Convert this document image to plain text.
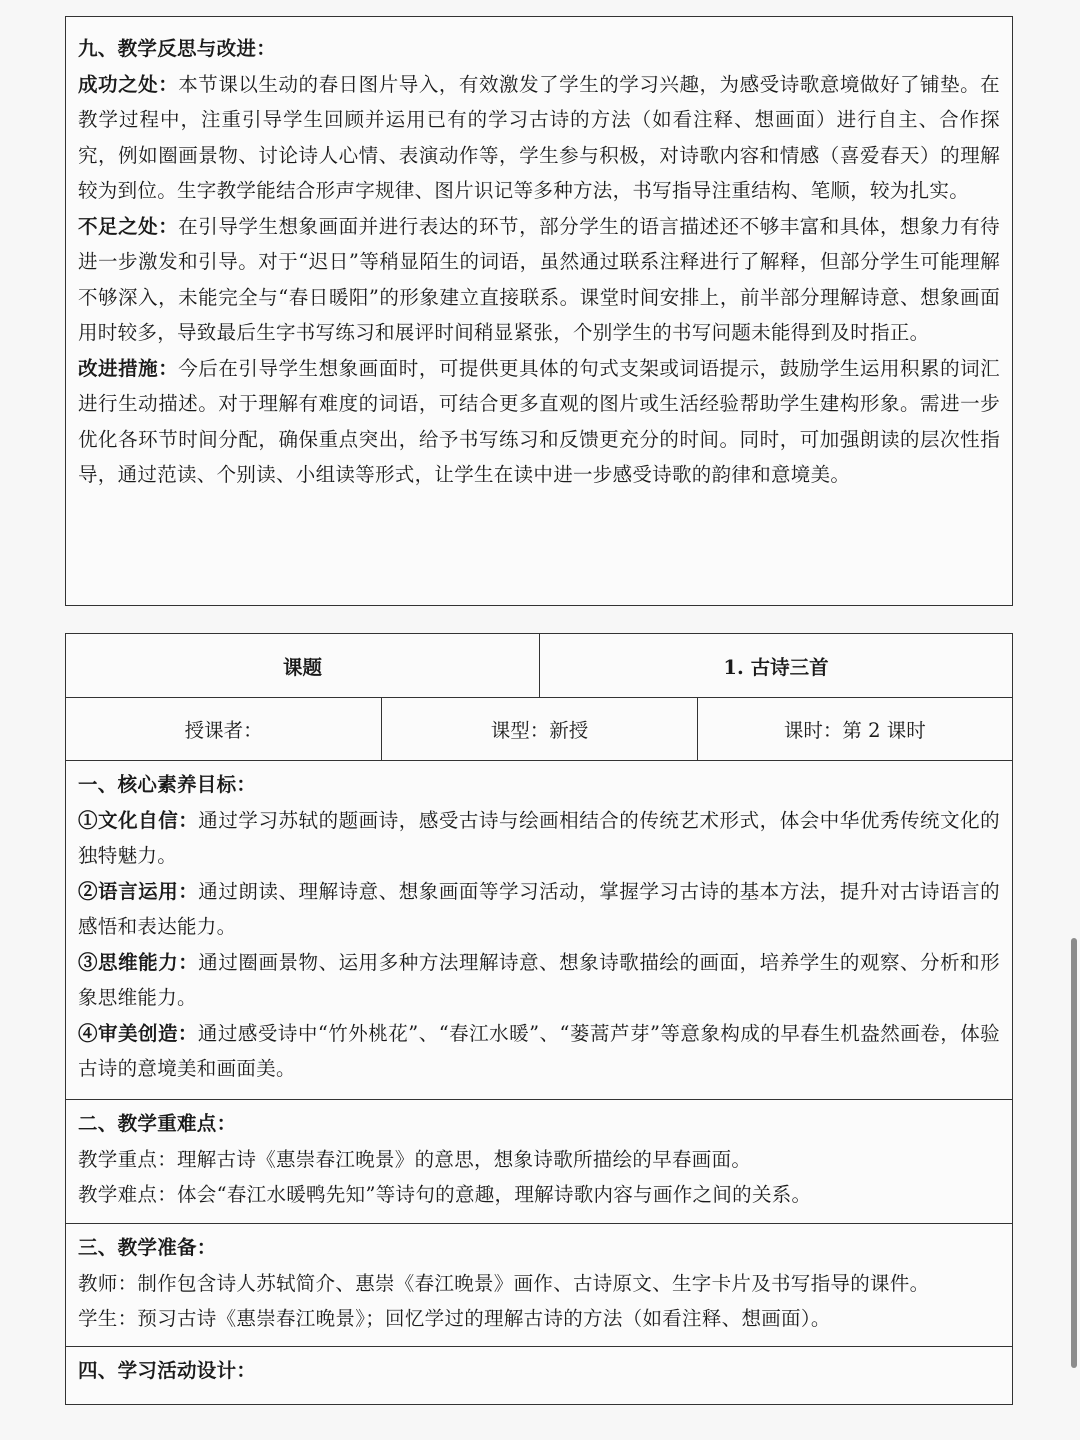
九、教学反思与改进：

成功之处：本节课以生动的春日图片导入，有效激发了学生的学习兴趣，为感受诗歌意境做好了铺垫。在教学过程中，注重引导学生回顾并运用已有的学习古诗的方法（如看注释、想画面）进行自主、合作探究，例如圈画景物、讨论诗人心情、表演动作等，学生参与积极，对诗歌内容和情感（喜爱春天）的理解较为到位。生字教学能结合形声字规律、图片识记等多种方法，书写指导注重结构、笔顺，较为扎实。

不足之处：在引导学生想象画面并进行表达的环节，部分学生的语言描述还不够丰富和具体，想象力有待进一步激发和引导。对于“迟日”等稍显陌生的词语，虽然通过联系注释进行了解释，但部分学生可能理解不够深入，未能完全与“春日暖阳”的形象建立直接联系。课堂时间安排上，前半部分理解诗意、想象画面用时较多，导致最后生字书写练习和展评时间稍显紧张，个别学生的书写问题未能得到及时指正。

改进措施：今后在引导学生想象画面时，可提供更具体的句式支架或词语提示，鼓励学生运用积累的词汇进行生动描述。对于理解有难度的词语，可结合更多直观的图片或生活经验帮助学生建构形象。需进一步优化各环节时间分配，确保重点突出，给予书写练习和反馈更充分的时间。同时，可加强朗读的层次性指导，通过范读、个别读、小组读等形式，让学生在读中进一步感受诗歌的韵律和意境美。

课题	1. 古诗三首
授课者：	课型：新授	课时：第 2 课时

一、核心素养目标：

①文化自信：通过学习苏轼的题画诗，感受古诗与绘画相结合的传统艺术形式，体会中华优秀传统文化的独特魅力。

②语言运用：通过朗读、理解诗意、想象画面等学习活动，掌握学习古诗的基本方法，提升对古诗语言的感悟和表达能力。

③思维能力：通过圈画景物、运用多种方法理解诗意、想象诗歌描绘的画面，培养学生的观察、分析和形象思维能力。

④审美创造：通过感受诗中“竹外桃花”、“春江水暖”、“蒌蒿芦芽”等意象构成的早春生机盎然画卷，体验古诗的意境美和画面美。

二、教学重难点：

教学重点：理解古诗《惠崇春江晚景》的意思，想象诗歌所描绘的早春画面。

教学难点：体会“春江水暖鸭先知”等诗句的意趣，理解诗歌内容与画作之间的关系。

三、教学准备：

教师：制作包含诗人苏轼简介、惠崇《春江晚景》画作、古诗原文、生字卡片及书写指导的课件。

学生：预习古诗《惠崇春江晚景》；回忆学过的理解古诗的方法（如看注释、想画面）。

四、学习活动设计：
